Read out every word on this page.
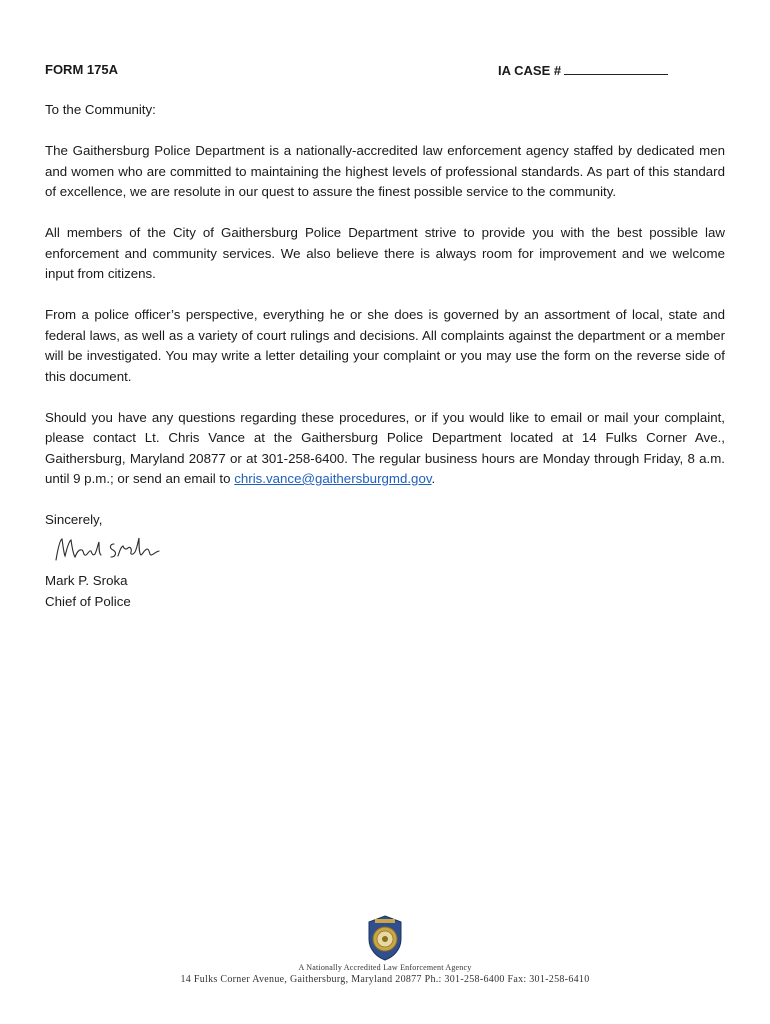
FORM 175A	IA CASE #

To the Community:

The Gaithersburg Police Department is a nationally-accredited law enforcement agency staffed by dedicated men and women who are committed to maintaining the highest levels of professional standards. As part of this standard of excellence, we are resolute in our quest to assure the finest possible service to the community.

All members of the City of Gaithersburg Police Department strive to provide you with the best possible law enforcement and community services. We also believe there is always room for improvement and we welcome input from citizens.

From a police officer’s perspective, everything he or she does is governed by an assortment of local, state and federal laws, as well as a variety of court rulings and decisions. All complaints against the department or a member will be investigated. You may write a letter detailing your complaint or you may use the form on the reverse side of this document.

Should you have any questions regarding these procedures, or if you would like to email or mail your complaint, please contact Lt. Chris Vance at the Gaithersburg Police Department located at 14 Fulks Corner Ave., Gaithersburg, Maryland 20877 or at 301-258-6400. The regular business hours are Monday through Friday, 8 a.m. until 9 p.m.; or send an email to chris.vance@gaithersburgmd.gov.

Sincerely,

Mark P. Sroka
Chief of Police
A Nationally Accredited Law Enforcement Agency
14 Fulks Corner Avenue, Gaithersburg, Maryland 20877 Ph.: 301-258-6400 Fax: 301-258-6410
